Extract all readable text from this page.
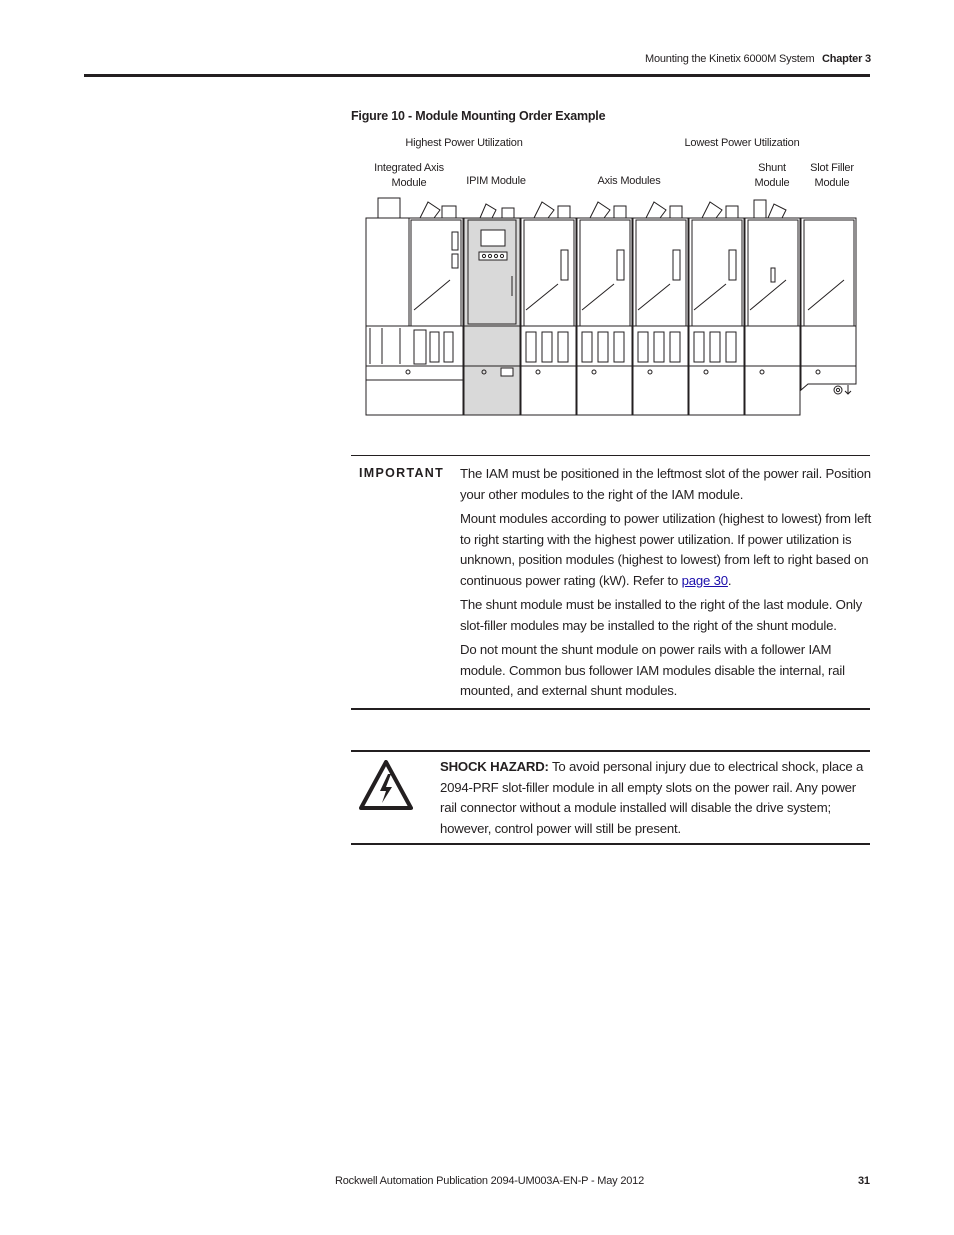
Mounting the Kinetix 6000M System Chapter 3
Figure 10 - Module Mounting Order Example
Highest Power Utilization	Lowest Power Utilization
Integrated Axis
Module	IPIM Module	Axis Modules
Shunt
Module
Slot Filler
Module
IMPORTANT The IAM must be positioned in the leftmost slot of the power rail. Position your other modules to the right of the IAM module.
Mount modules according to power utilization (highest to lowest) from left to right starting with the highest power utilization. If power utilization is unknown, position modules (highest to lowest) from left to right based on continuous power rating (kW). Refer to page 30.
The shunt module must be installed to the right of the last module. Only slot-filler modules may be installed to the right of the shunt module.
Do not mount the shunt module on power rails with a follower IAM module. Common bus follower IAM modules disable the internal, rail mounted, and external shunt modules.
SHOCK HAZARD: To avoid personal injury due to electrical shock, place a 2094-PRF slot-filler module in all empty slots on the power rail. Any power rail connector without a module installed will disable the drive system; however, control power will still be present.
Rockwell Automation Publication 2094-UM003A-EN-P - May 2012	31
